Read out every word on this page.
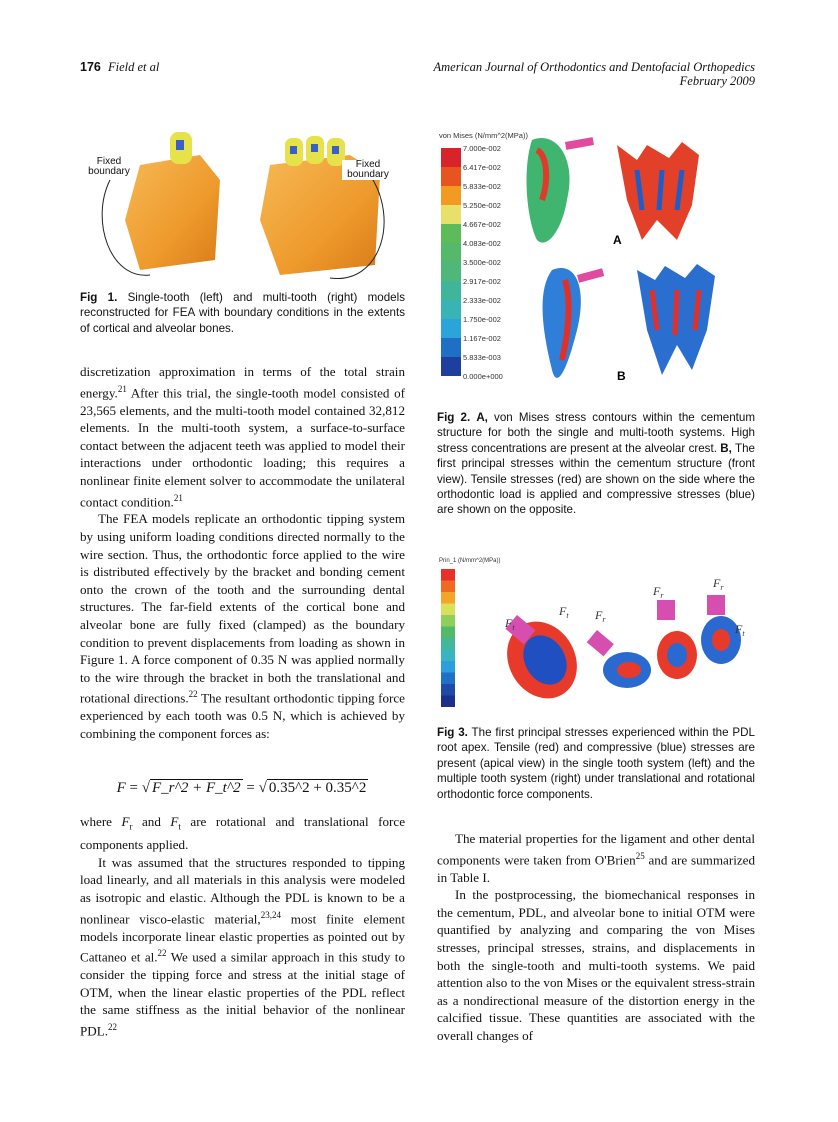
176 Field et al	American Journal of Orthodontics and Dentofacial Orthopedics
February 2009
Fixed boundary
Fixed boundary
Fig 1. Single-tooth (left) and multi-tooth (right) models reconstructed for FEA with boundary conditions in the extents of cortical and alveolar bones.

discretization approximation in terms of the total strain energy.$^{21}$ After this trial, the single-tooth model consisted of 23,565 elements, and the multi-tooth model contained 32,812 elements. In the multi-tooth system, a surface-to-surface contact between the adjacent teeth was applied to model their interactions under orthodontic loading; this requires a nonlinear finite element solver to accommodate the unilateral contact condition.$^{21}$

The FEA models replicate an orthodontic tipping system by using uniform loading conditions directed normally to the wire section. Thus, the orthodontic force applied to the wire is distributed effectively by the bracket and bonding cement onto the crown of the tooth and the surrounding dental structures. The far-field extents of the cortical bone and alveolar bone are fully fixed (clamped) as the boundary condition to prevent displacements from loading as shown in Figure 1. A force component of 0.35 N was applied normally to the wire through the bracket in both the translational and rotational directions.$^{22}$ The resultant orthodontic tipping force experienced by each tooth was 0.5 N, which is achieved by combining the component forces as:

F = √ F_r^2 + F_t^2 = √ 0.35^2 + 0.35^2

where $F_r$ and $F_t$ are rotational and translational force components applied.

It was assumed that the structures responded to tipping load linearly, and all materials in this analysis were modeled as isotropic and elastic. Although the PDL is known to be a nonlinear visco-elastic material,$^{23,24}$ most finite element models incorporate linear elastic properties as pointed out by Cattaneo et al.$^{22}$ We used a similar approach in this study to consider the tipping force and stress at the initial stage of OTM, when the linear elastic properties of the PDL reflect the same stiffness as the initial behavior of the nonlinear PDL.$^{22}$

von Mises (N/mm^2(MPa))
7.000e-002
6.417e-002
5.833e-002
5.250e-002
4.667e-002
4.083e-002
3.500e-002
2.917e-002
2.333e-002
1.750e-002
1.167e-002
5.833e-003
0.000e+000
A
B
Fig 2. A, von Mises stress contours within the cementum structure for both the single and multi-tooth systems. High stress concentrations are present at the alveolar crest. B, The first principal stresses within the cementum structure (front view). Tensile stresses (red) are shown on the side where the orthodontic load is applied and compressive stresses (blue) are shown on the opposite.
Prin_1 (N/mm^2(MPa))
$F_t$
$F_t$ $F_r$
$F_r$
$F_r$
$F_t$
Fig 3. The first principal stresses experienced within the PDL root apex. Tensile (red) and compressive (blue) stresses are present (apical view) in the single tooth system (left) and the multiple tooth system (right) under translational and rotational orthodontic force components.

The material properties for the ligament and other dental components were taken from O'Brien$^{25}$ and are summarized in Table I.

In the postprocessing, the biomechanical responses in the cementum, PDL, and alveolar bone to initial OTM were quantified by analyzing and comparing the von Mises stresses, principal stresses, strains, and displacements in both the single-tooth and multi-tooth systems. We paid attention also to the von Mises or the equivalent stress-strain as a nondirectional measure of the distortion energy in the calcified tissue. These quantities are associated with the overall changes of
